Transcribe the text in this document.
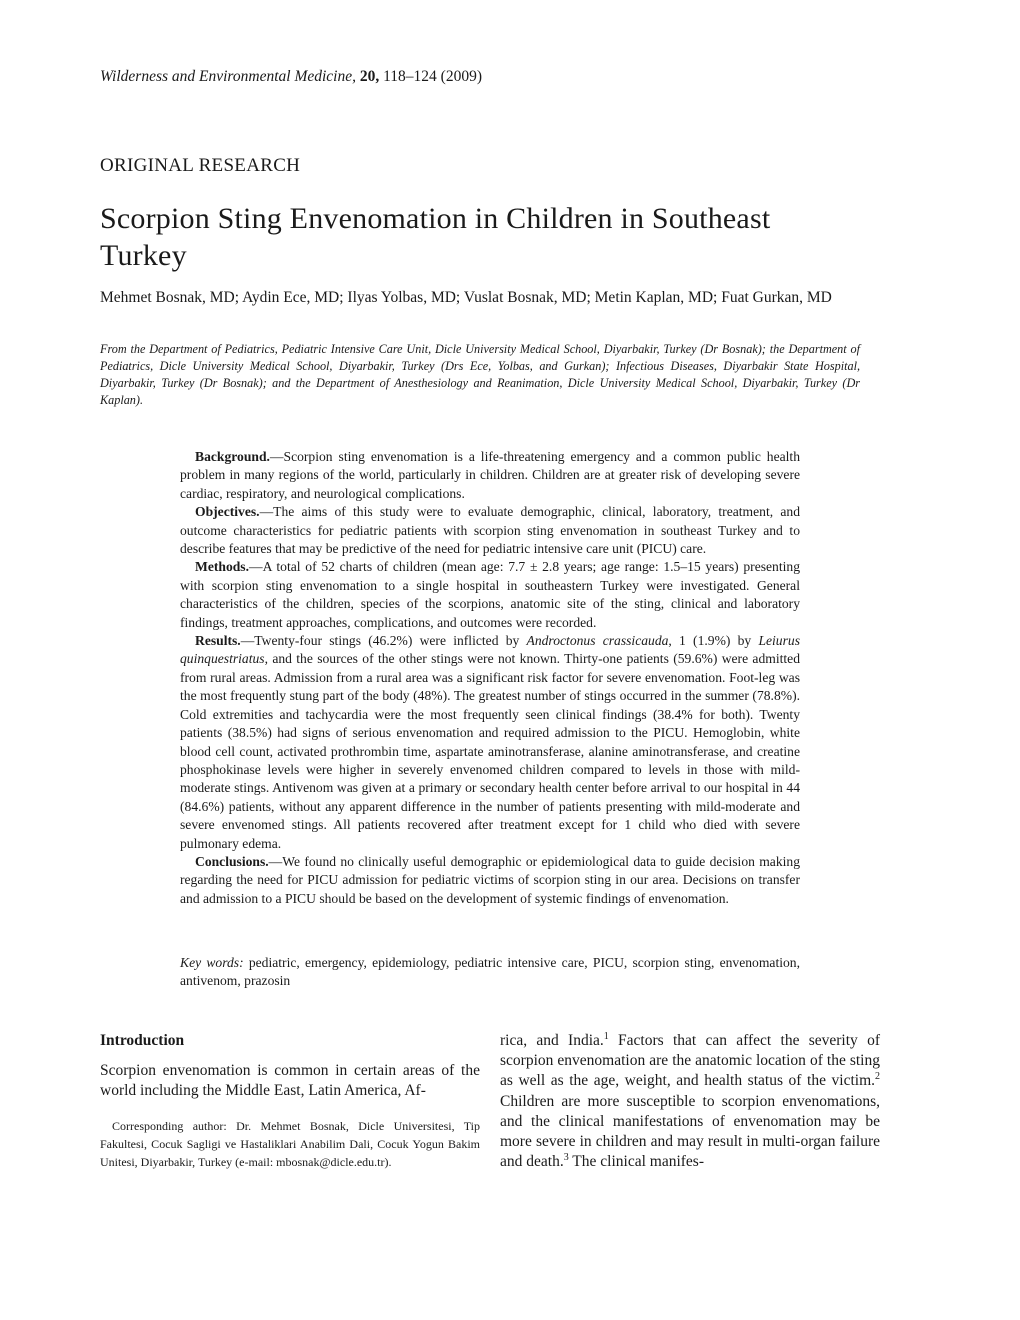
Wilderness and Environmental Medicine, 20, 118–124 (2009)
ORIGINAL RESEARCH
Scorpion Sting Envenomation in Children in Southeast Turkey
Mehmet Bosnak, MD; Aydin Ece, MD; Ilyas Yolbas, MD; Vuslat Bosnak, MD; Metin Kaplan, MD; Fuat Gurkan, MD
From the Department of Pediatrics, Pediatric Intensive Care Unit, Dicle University Medical School, Diyarbakir, Turkey (Dr Bosnak); the Department of Pediatrics, Dicle University Medical School, Diyarbakir, Turkey (Drs Ece, Yolbas, and Gurkan); Infectious Diseases, Diyarbakir State Hospital, Diyarbakir, Turkey (Dr Bosnak); and the Department of Anesthesiology and Reanimation, Dicle University Medical School, Diyarbakir, Turkey (Dr Kaplan).

Background.—Scorpion sting envenomation is a life-threatening emergency and a common public health problem in many regions of the world, particularly in children. Children are at greater risk of developing severe cardiac, respiratory, and neurological complications.

Objectives.—The aims of this study were to evaluate demographic, clinical, laboratory, treatment, and outcome characteristics for pediatric patients with scorpion sting envenomation in southeast Turkey and to describe features that may be predictive of the need for pediatric intensive care unit (PICU) care.

Methods.—A total of 52 charts of children (mean age: 7.7 ± 2.8 years; age range: 1.5–15 years) presenting with scorpion sting envenomation to a single hospital in southeastern Turkey were investigated. General characteristics of the children, species of the scorpions, anatomic site of the sting, clinical and laboratory findings, treatment approaches, complications, and outcomes were recorded.

Results.—Twenty-four stings (46.2%) were inflicted by Androctonus crassicauda, 1 (1.9%) by Leiurus quinquestriatus, and the sources of the other stings were not known. Thirty-one patients (59.6%) were admitted from rural areas. Admission from a rural area was a significant risk factor for severe envenomation. Foot-leg was the most frequently stung part of the body (48%). The greatest number of stings occurred in the summer (78.8%). Cold extremities and tachycardia were the most frequently seen clinical findings (38.4% for both). Twenty patients (38.5%) had signs of serious envenomation and required admission to the PICU. Hemoglobin, white blood cell count, activated prothrombin time, aspartate aminotransferase, alanine aminotransferase, and creatine phosphokinase levels were higher in severely envenomed children compared to levels in those with mild-moderate stings. Antivenom was given at a primary or secondary health center before arrival to our hospital in 44 (84.6%) patients, without any apparent difference in the number of patients presenting with mild-moderate and severe envenomed stings. All patients recovered after treatment except for 1 child who died with severe pulmonary edema.

Conclusions.—We found no clinically useful demographic or epidemiological data to guide decision making regarding the need for PICU admission for pediatric victims of scorpion sting in our area. Decisions on transfer and admission to a PICU should be based on the development of systemic findings of envenomation.

Key words: pediatric, emergency, epidemiology, pediatric intensive care, PICU, scorpion sting, envenomation, antivenom, prazosin
Introduction

Scorpion envenomation is common in certain areas of the world including the Middle East, Latin America, Af-

Corresponding author: Dr. Mehmet Bosnak, Dicle Universitesi, Tip Fakultesi, Cocuk Sagligi ve Hastaliklari Anabilim Dali, Cocuk Yogun Bakim Unitesi, Diyarbakir, Turkey (e-mail: mbosnak@dicle.edu.tr).

rica, and India.$^1$ Factors that can affect the severity of scorpion envenomation are the anatomic location of the sting as well as the age, weight, and health status of the victim.$^2$ Children are more susceptible to scorpion envenomations, and the clinical manifestations of envenomation may be more severe in children and may result in multi-organ failure and death.$^3$ The clinical manifes-
